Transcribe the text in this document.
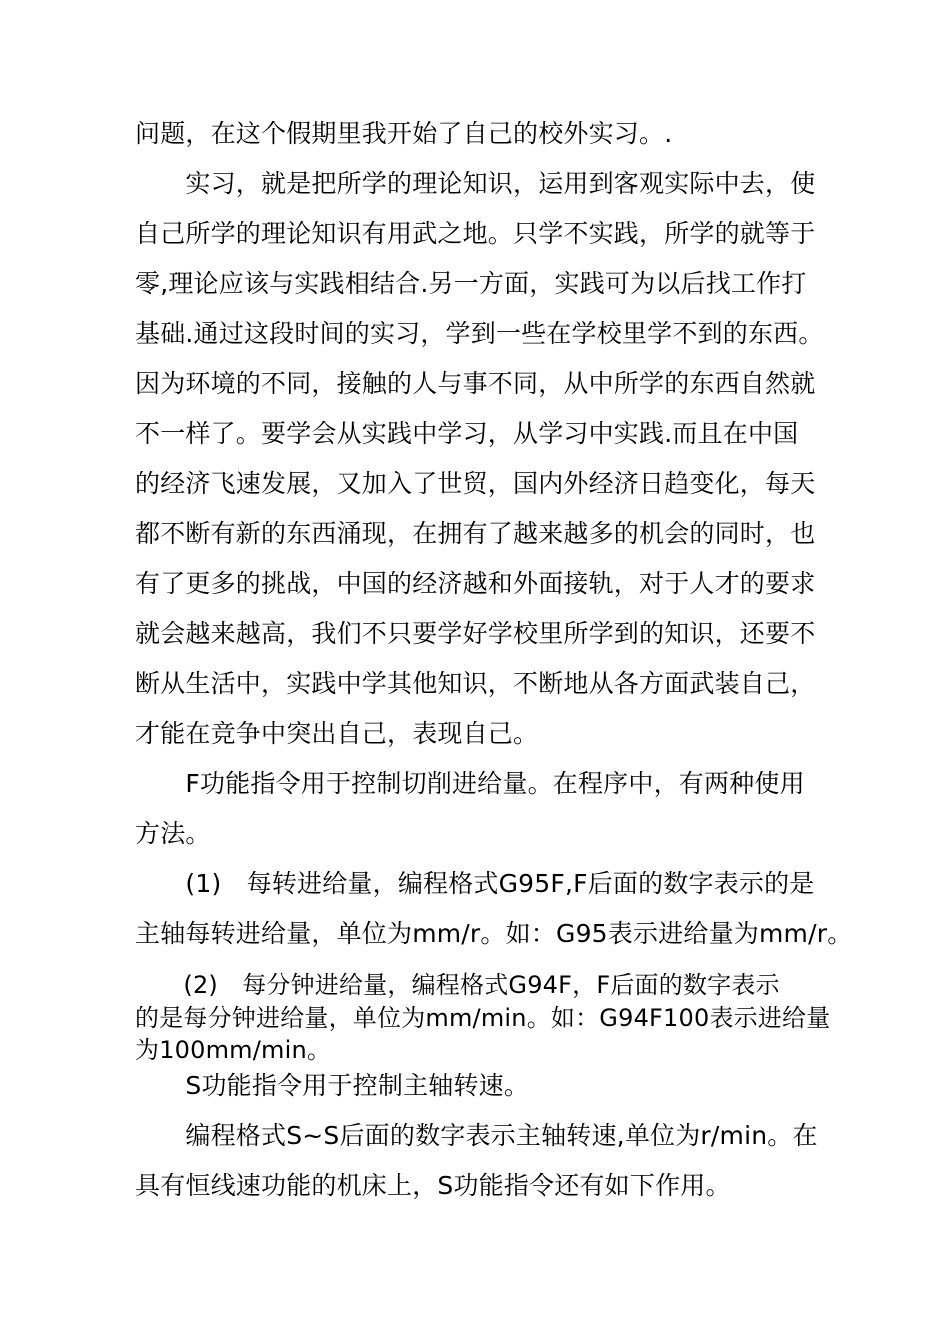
问题，在这个假期里我开始了自己的校外实习。.
　　实习，就是把所学的理论知识，运用到客观实际中去，使
自己所学的理论知识有用武之地。只学不实践，所学的就等于
零,理论应该与实践相结合.另一方面，实践可为以后找工作打
基础.通过这段时间的实习，学到一些在学校里学不到的东西。
因为环境的不同，接触的人与事不同，从中所学的东西自然就
不一样了。要学会从实践中学习，从学习中实践.而且在中国
的经济飞速发展，又加入了世贸，国内外经济日趋变化，每天
都不断有新的东西涌现，在拥有了越来越多的机会的同时，也
有了更多的挑战，中国的经济越和外面接轨，对于人才的要求
就会越来越高，我们不只要学好学校里所学到的知识，还要不
断从生活中，实践中学其他知识，不断地从各方面武装自己，
才能在竞争中突出自己，表现自己。
　　F功能指令用于控制切削进给量。在程序中，有两种使用
方法。
　　(1)　每转进给量，编程格式G95F,F后面的数字表示的是
主轴每转进给量，单位为mm/r。如：G95表示进给量为mm/r。
　　(2)　每分钟进给量，编程格式G94F，F后面的数字表示
的是每分钟进给量，单位为mm/min。如：G94F100表示进给量
为100mm/min。
　　S功能指令用于控制主轴转速。
　　编程格式S~S后面的数字表示主轴转速,单位为r/min。在
具有恒线速功能的机床上，S功能指令还有如下作用。
